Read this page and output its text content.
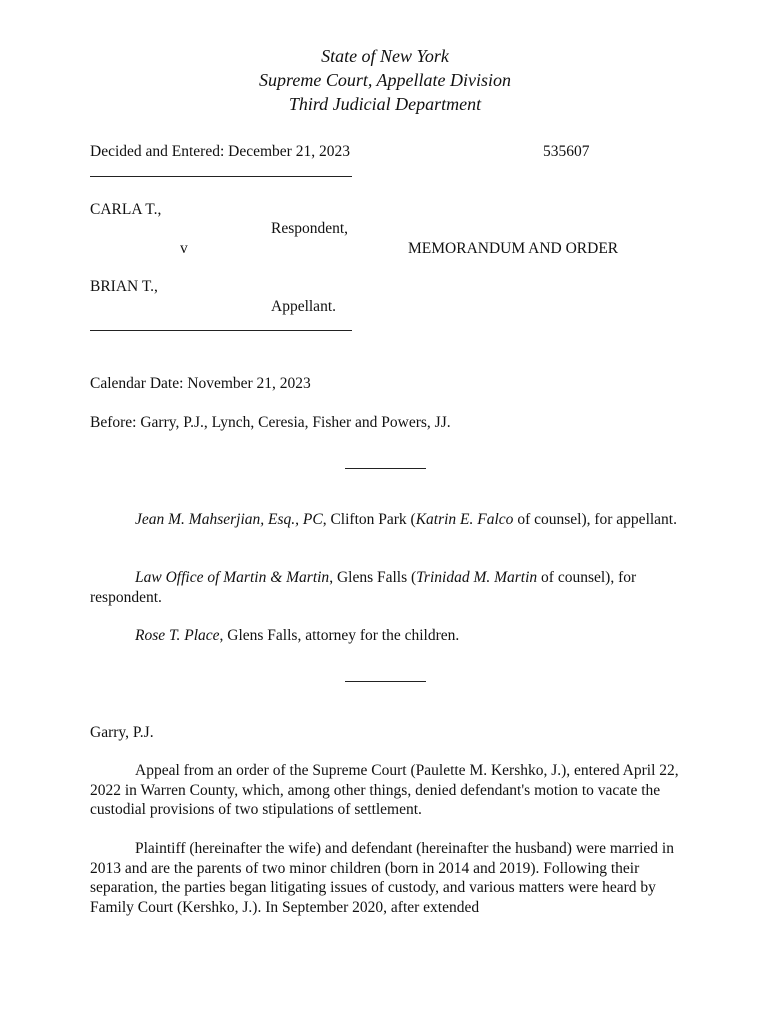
State of New York
Supreme Court, Appellate Division
Third Judicial Department
Decided and Entered: December 21, 2023	535607
CARLA T.,
Respondent,
v	MEMORANDUM AND ORDER
BRIAN T.,
Appellant.
Calendar Date: November 21, 2023
Before: Garry, P.J., Lynch, Ceresia, Fisher and Powers, JJ.

Jean M. Mahserjian, Esq., PC, Clifton Park (Katrin E. Falco of counsel), for appellant.

Law Office of Martin & Martin, Glens Falls (Trinidad M. Martin of counsel), for respondent.

Rose T. Place, Glens Falls, attorney for the children.

Garry, P.J.

Appeal from an order of the Supreme Court (Paulette M. Kershko, J.), entered April 22, 2022 in Warren County, which, among other things, denied defendant's motion to vacate the custodial provisions of two stipulations of settlement.

Plaintiff (hereinafter the wife) and defendant (hereinafter the husband) were married in 2013 and are the parents of two minor children (born in 2014 and 2019). Following their separation, the parties began litigating issues of custody, and various matters were heard by Family Court (Kershko, J.). In September 2020, after extended
